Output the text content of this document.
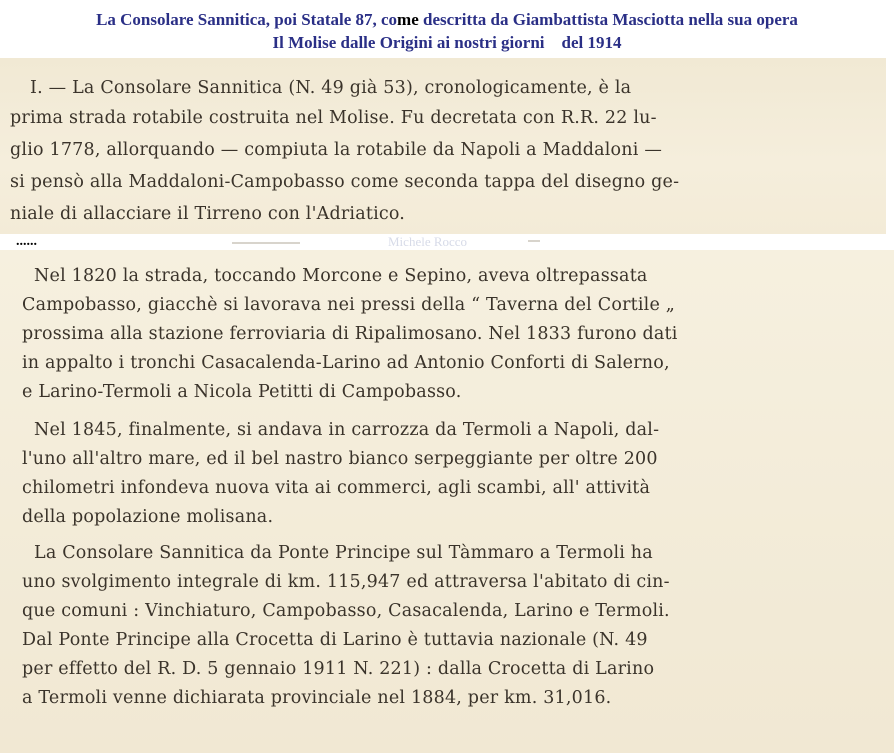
La Consolare Sannitica, poi Statale 87, come descritta da Giambattista Masciotta nella sua opera
Il Molise dalle Origini ai nostri giorni    del 1914
I. — La Consolare Sannitica (N. 49 già 53), cronologicamente, è la
prima strada rotabile costruita nel Molise. Fu decretata con R.R. 22 lu-
glio 1778, allorquando — compiuta la rotabile da Napoli a Maddaloni —
si pensò alla Maddaloni-Campobasso come seconda tappa del disegno ge-
niale di allacciare il Tirreno con l'Adriatico.
......	Michele Rocco
Nel 1820 la strada, toccando Morcone e Sepino, aveva oltrepassata
Campobasso, giacchè si lavorava nei pressi della “ Taverna del Cortile „
prossima alla stazione ferroviaria di Ripalimosano. Nel 1833 furono dati
in appalto i tronchi Casacalenda-Larino ad Antonio Conforti di Salerno,
e Larino-Termoli a Nicola Petitti di Campobasso.
Nel 1845, finalmente, si andava in carrozza da Termoli a Napoli, dal-
l'uno all'altro mare, ed il bel nastro bianco serpeggiante per oltre 200
chilometri infondeva nuova vita ai commerci, agli scambi, all' attività
della popolazione molisana.
La Consolare Sannitica da Ponte Principe sul Tàmmaro a Termoli ha
uno svolgimento integrale di km. 115,947 ed attraversa l'abitato di cin-
que comuni : Vinchiaturo, Campobasso, Casacalenda, Larino e Termoli.
Dal Ponte Principe alla Crocetta di Larino è tuttavia nazionale (N. 49
per effetto del R. D. 5 gennaio 1911 N. 221) : dalla Crocetta di Larino
a Termoli venne dichiarata provinciale nel 1884, per km. 31,016.
